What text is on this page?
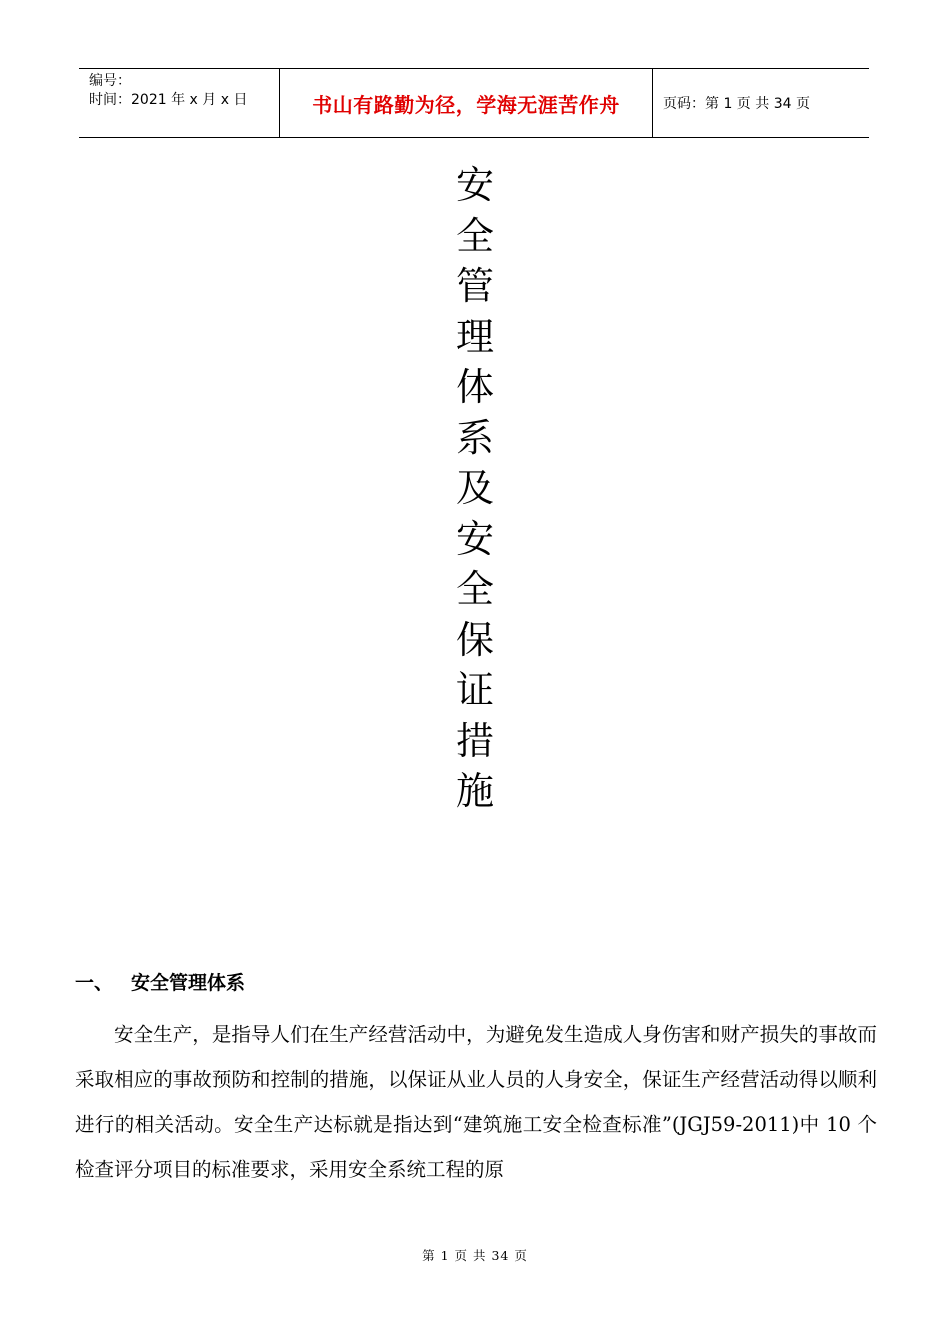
编号：
时间：2021 年 x 月 x 日	书山有路勤为径，学海无涯苦作舟	页码：第 1 页 共 34 页
安
全
管
理
体
系
及
安
全
保
证
措
施
一、 安全管理体系
安全生产，是指导人们在生产经营活动中，为避免发生造成人身伤害和财产损失的事故而采取相应的事故预防和控制的措施，以保证从业人员的人身安全，保证生产经营活动得以顺利进行的相关活动。安全生产达标就是指达到“建筑施工安全检查标准”(JGJ59-2011)中 10 个检查评分项目的标准要求，采用安全系统工程的原
第 1 页 共 34 页
